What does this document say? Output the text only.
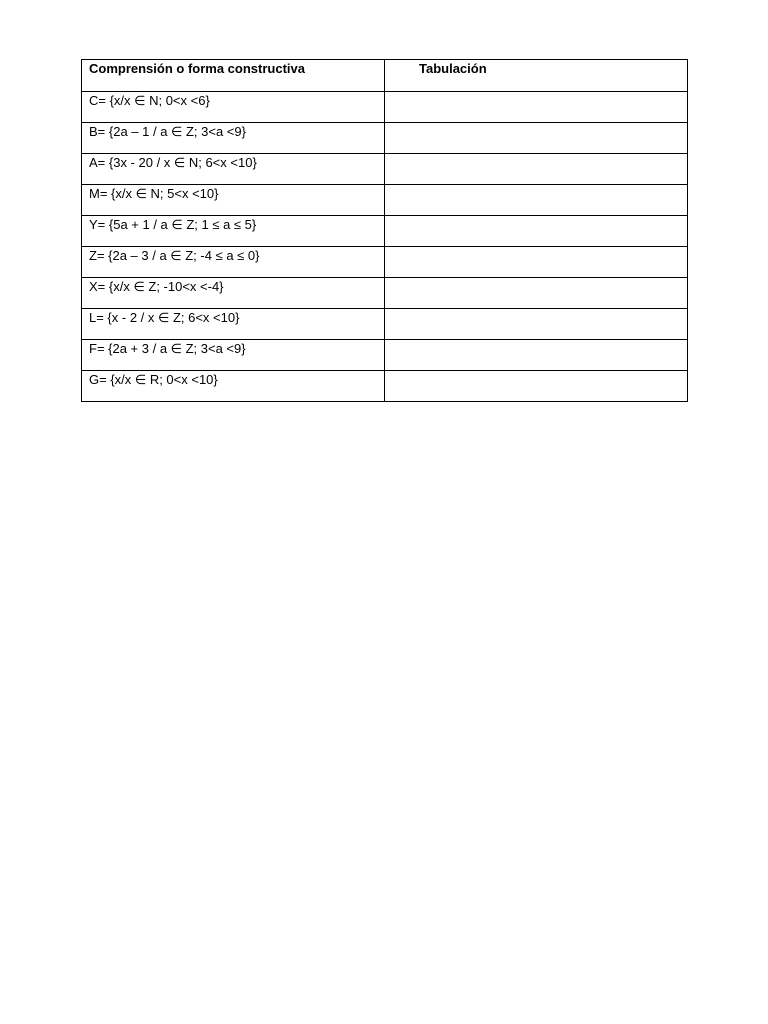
Comprensión o forma constructiva	Tabulación

C= {x/x ∈ N; 0<x <6}	

B= {2a – 1 / a ∈ Z; 3<a <9}	

A= {3x - 20 / x ∈ N; 6<x <10}	

M= {x/x ∈ N; 5<x <10}	

Y= {5a + 1 / a ∈ Z; 1 ≤ a ≤ 5}	

Z= {2a – 3 / a ∈ Z; -4 ≤ a ≤ 0}	

X= {x/x ∈ Z; -10<x <-4}	

L= {x - 2 / x ∈ Z; 6<x <10}	

F= {2a + 3 / a ∈ Z; 3<a <9}	

G= {x/x ∈ R; 0<x <10}	
